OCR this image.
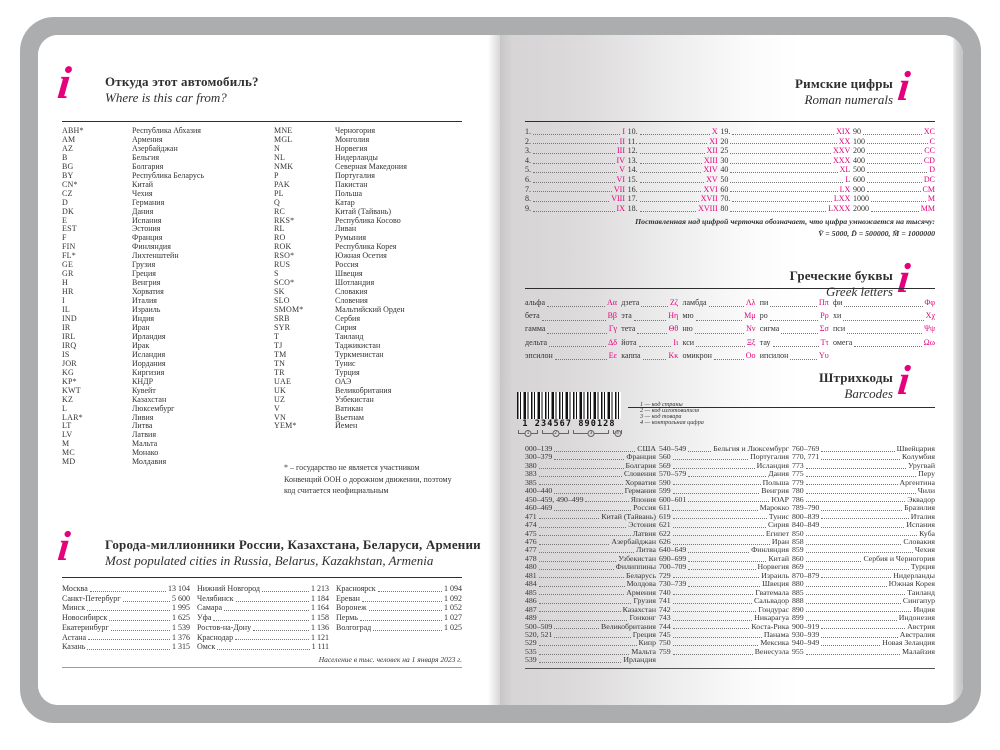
i Откуда этот автомобиль?
Where is this car from?
ABH*	Республика Абхазия
AM	Армения
AZ	Азербайджан
B	Бельгия
BG	Болгария
BY	Республика Беларусь
CN*	Китай
CZ	Чехия
D	Германия
DK	Дания
E	Испания
EST	Эстония
F	Франция
FIN	Финляндия
FL*	Лихтенштейн
GE	Грузия
GR	Греция
H	Венгрия
HR	Хорватия
I	Италия
IL	Израиль
IND	Индия
IR	Иран
IRL	Ирландия
IRQ	Ирак
IS	Исландия
JOR	Иордания
KG	Киргизия
KP*	КНДР
KWT	Кувейт
KZ	Казахстан
L	Люксембург
LAR*	Ливия
LT	Литва
LV	Латвия
M	Мальта
MC	Монако
MD	Молдавия
MNE	Черногория
MGL	Монголия
N	Норвегия
NL	Нидерланды
NMK	Северная Македония
P	Португалия
PAK	Пакистан
PL	Польша
Q	Катар
RC	Китай (Тайвань)
RKS*	Республика Косово
RL	Ливан
RO	Румыния
ROK	Республика Корея
RSO*	Южная Осетия
RUS	Россия
S	Швеция
SCO*	Шотландия
SK	Словакия
SLO	Словения
SMOM*	Мальтийский Орден
SRB	Сербия
SYR	Сирия
T	Таиланд
TJ	Таджикистан
TM	Туркменистан
TN	Тунис
TR	Турция
UAE	ОАЭ
UK	Великобритания
UZ	Узбекистан
V	Ватикан
VN	Вьетнам
YEM*	Йемен
* – государство не является участником Конвенций ООН о дорожном движении, поэтому код считается неофициальным
i	Города-миллионники России, Казахстана, Беларуси, Армении
Most populated cities in Russia, Belarus, Kazakhstan, Armenia
Москва	13 104
Санкт-Петербург	5 600
Минск	1 995
Новосибирск	1 625
Екатеринбург	1 539
Астана	1 376
Казань	1 315
Нижний Новгород	1 213
Челябинск	1 184
Самара	1 164
Уфа	1 158
Ростов-на-Дону	1 136
Краснодар	1 121
Омск	1 111
Красноярск	1 094
Ереван	1 092
Воронеж	1 052
Пермь	1 027
Волгоград	1 025
Население в тыс. человек на 1 января 2023 г.
Римские цифры
Roman numerals i
1.	I
2.	II
3.	III
4.	IV
5.	V
6.	VI
7.	VII
8.	VIII
9.	IX
10.	X
11.	XI
12.	XII
13.	XIII
14.	XIV
15.	XV
16.	XVI
17.	XVII
18.	XVIII
19.	XIX
20	XX
25	XXV
30	XXX
40	XL
50	L
60	LX
70.	LXX
80	LXXX
90	XC
100	C
200	CC
400	CD
500	D
600	DC
900	CM
1000	M
2000	MM
Поставленная над цифрой черточка обозначает, что цифра умножается на тысячу:
V̄ = 5000, D̄ = 500000, M̄ = 1000000
Греческие буквы
Greek letters i
альфа	Αα
бета	Ββ
гамма	Γγ
дельта	Δδ
эпсилон	Εε
дзета	Ζζ
эта	Ηη
тета	Θθ
йота	Ιι
каппа	Κκ
ламбда	Λλ
мю	Μμ
ню	Νν
кси	Ξξ
омикрон	Οο
пи	Ππ
ро	Ρρ
сигма	Σσ
тау	Ττ
ипсилон	Υυ
фи	Φφ
хи	Χχ
пси	Ψψ
омега	Ωω
Штрихкоды
Barcodes i
1 234567 890128
1	2	3	4
1 — код страны
2 — код изготовителя
3 — код товара
4 — контрольная цифра
000–139	США
300–379	Франция
380	Болгария
383	Словения
385	Хорватия
400–440	Германия
450–459, 490–499	Япония
460–469	Россия
471	Китай (Тайвань)
474	Эстония
475	Латвия
476	Азербайджан
477	Литва
478	Узбекистан
480	Филиппины
481	Беларусь
484	Молдова
485	Армения
486	Грузия
487	Казахстан
489	Гонконг
500–509	Великобритания
520, 521	Греция
529	Кипр
535	Мальта
539	Ирландия
540–549	Бельгия и Люксембург
560	Португалия
569	Исландия
570–579	Дания
590	Польша
599	Венгрия
600–601	ЮАР
611	Марокко
619	Тунис
621	Сирия
622	Египет
626	Иран
640–649	Финляндия
690–699	Китай
700–709	Норвегия
729	Израиль
730–739	Швеция
740	Гватемала
741	Сальвадор
742	Гондурас
743	Никарагуа
744	Коста-Рика
745	Панама
750	Мексика
759	Венесуэла
760–769	Швейцария
770, 771	Колумбия
773	Уругвай
775	Перу
779	Аргентина
780	Чили
786	Эквадор
789–790	Бразилия
800–839	Италия
840–849	Испания
850	Куба
858	Словакия
859	Чехия
860	Сербия и Черногория
869	Турция
870–879	Нидерланды
880	Южная Корея
885	Таиланд
888	Сингапур
890	Индия
899	Индонезия
900–919	Австрия
930–939	Австралия
940–949	Новая Зеландия
955	Малайзия
